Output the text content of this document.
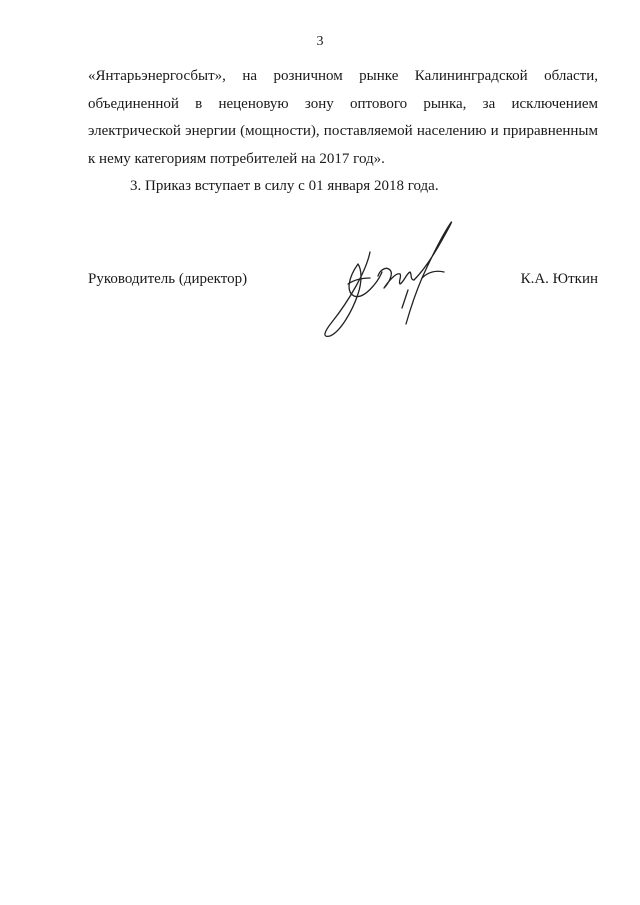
3

«Янтарьэнергосбыт», на розничном рынке Калининградской области, объединенной в неценовую зону оптового рынка, за исключением электрической энергии (мощности), поставляемой населению и приравненным к нему категориям потребителей на 2017 год».

3. Приказ вступает в силу с 01 января 2018 года.

Руководитель (директор)	К.А. Юткин
